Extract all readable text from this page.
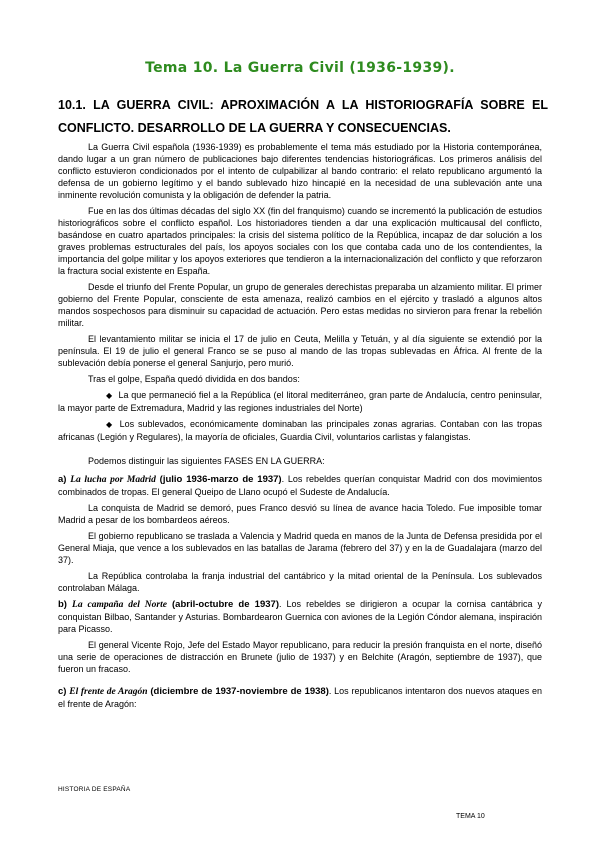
Tema 10. La Guerra Civil (1936-1939).
10.1. LA GUERRA CIVIL: APROXIMACIÓN A LA HISTORIOGRAFÍA SOBRE EL CONFLICTO. DESARROLLO DE LA GUERRA Y CONSECUENCIAS.

La Guerra Civil española (1936-1939) es probablemente el tema más estudiado por la Historia contemporánea, dando lugar a un gran número de publicaciones bajo diferentes tendencias historiográficas. Los primeros análisis del conflicto estuvieron condicionados por el intento de culpabilizar al bando contrario: el relato republicano argumentó la defensa de un gobierno legítimo y el bando sublevado hizo hincapié en la necesidad de una sublevación ante una inminente revolución comunista y la obligación de defender la patria.

Fue en las dos últimas décadas del siglo XX (fin del franquismo) cuando se incrementó la publicación de estudios historiográficos sobre el conflicto español. Los historiadores tienden a dar una explicación multicausal del conflicto, basándose en cuatro apartados principales: la crisis del sistema político de la República, incapaz de dar solución a los graves problemas estructurales del país, los apoyos sociales con los que contaba cada uno de los contendientes, la importancia del golpe militar y los apoyos exteriores que tendieron a la internacionalización del conflicto y que reforzaron la fractura social existente en España.

Desde el triunfo del Frente Popular, un grupo de generales derechistas preparaba un alzamiento militar. El primer gobierno del Frente Popular, consciente de esta amenaza, realizó cambios en el ejército y trasladó a algunos altos mandos sospechosos para disminuir su capacidad de actuación. Pero estas medidas no sirvieron para frenar la rebelión militar.

El levantamiento militar se inicia el 17 de julio en Ceuta, Melilla y Tetuán, y al día siguiente se extendió por la península. El 19 de julio el general Franco se se puso al mando de las tropas sublevadas en África. Al frente de la sublevación debía ponerse el general Sanjurjo, pero murió.

Tras el golpe, España quedó dividida en dos bandos:

◆ La que permaneció fiel a la República (el litoral mediterráneo, gran parte de Andalucía, centro peninsular, la mayor parte de Extremadura, Madrid y las regiones industriales del Norte)

◆ Los sublevados, económicamente dominaban las principales zonas agrarias. Contaban con las tropas africanas (Legión y Regulares), la mayoría de oficiales, Guardia Civil, voluntarios carlistas y falangistas.

Podemos distinguir las siguientes FASES EN LA GUERRA:

a) La lucha por Madrid (julio 1936-marzo de 1937). Los rebeldes querían conquistar Madrid con dos movimientos combinados de tropas. El general Queipo de Llano ocupó el Sudeste de Andalucía.

La conquista de Madrid se demoró, pues Franco desvió su línea de avance hacia Toledo. Fue imposible tomar Madrid a pesar de los bombardeos aéreos.

El gobierno republicano se traslada a Valencia y Madrid queda en manos de la Junta de Defensa presidida por el General Miaja, que vence a los sublevados en las batallas de Jarama (febrero del 37) y en la de Guadalajara (marzo del 37).

La República controlaba la franja industrial del cantábrico y la mitad oriental de la Península. Los sublevados controlaban Málaga.

b) La campaña del Norte (abril-octubre de 1937). Los rebeldes se dirigieron a ocupar la cornisa cantábrica y conquistan Bilbao, Santander y Asturias. Bombardearon Guernica con aviones de la Legión Cóndor alemana, inspiración para Picasso.

El general Vicente Rojo, Jefe del Estado Mayor republicano, para reducir la presión franquista en el norte, diseñó una serie de operaciones de distracción en Brunete (julio de 1937) y en Belchite (Aragón, septiembre de 1937), que fueron un fracaso.

c) El frente de Aragón (diciembre de 1937-noviembre de 1938). Los republicanos intentaron dos nuevos ataques en el frente de Aragón:

HISTORIA DE ESPAÑA

TEMA 10
